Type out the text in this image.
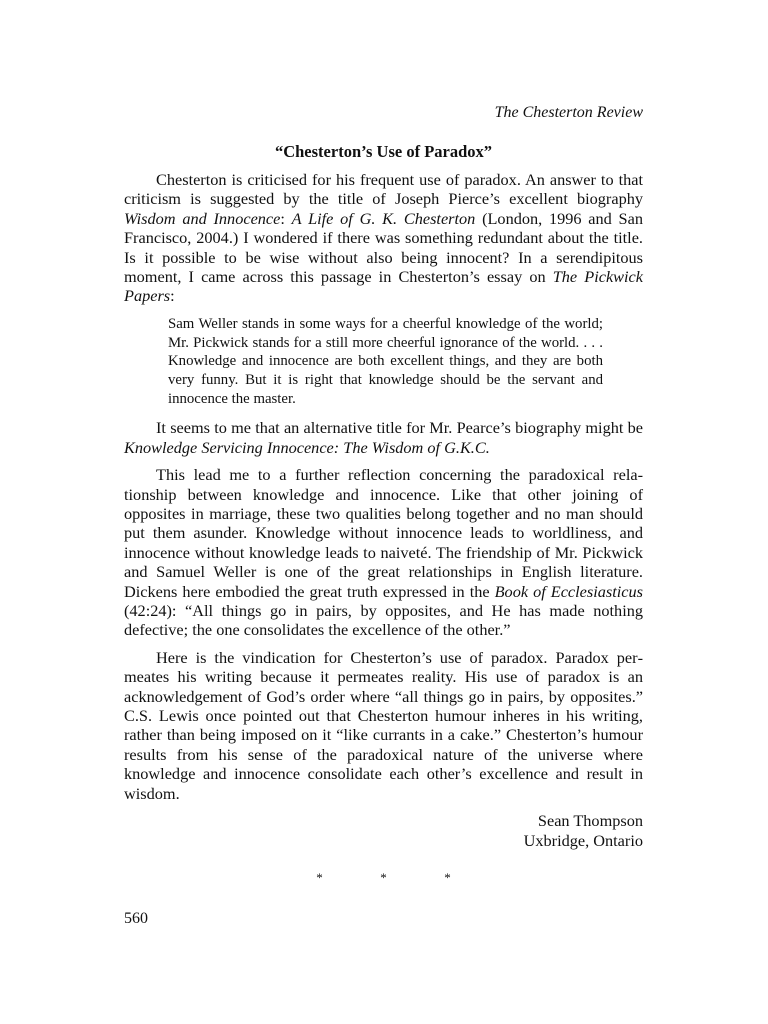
The Chesterton Review
“Chesterton’s Use of Paradox”

Chesterton is criticised for his frequent use of paradox. An answer to that criticism is suggested by the title of Joseph Pierce’s excellent biography Wisdom and Innocence: A Life of G. K. Chesterton (London, 1996 and San Francisco, 2004.) I wondered if there was something redundant about the title. Is it possible to be wise without also being innocent? In a serendipitous moment, I came across this passage in Chesterton’s essay on The Pickwick Papers:

Sam Weller stands in some ways for a cheerful knowledge of the world; Mr. Pickwick stands for a still more cheerful ignorance of the world. . . . Knowledge and innocence are both excellent things, and they are both very funny. But it is right that knowledge should be the servant and innocence the master.

It seems to me that an alternative title for Mr. Pearce’s biography might be Knowledge Servicing Innocence: The Wisdom of G.K.C.

This lead me to a further reflection concerning the paradoxical relationship between knowledge and innocence. Like that other joining of opposites in marriage, these two qualities belong together and no man should put them asunder. Knowledge without innocence leads to worldliness, and innocence without knowledge leads to naiveté. The friendship of Mr. Pickwick and Samuel Weller is one of the great relationships in English literature. Dickens here embodied the great truth expressed in the Book of Ecclesiasticus (42:24): “All things go in pairs, by opposites, and He has made nothing defective; the one consolidates the excellence of the other.”

Here is the vindication for Chesterton’s use of paradox. Paradox permeates his writing because it permeates reality. His use of paradox is an acknowledgement of God’s order where “all things go in pairs, by opposites.” C.S. Lewis once pointed out that Chesterton humour inheres in his writing, rather than being imposed on it “like currants in a cake.” Chesterton’s humour results from his sense of the paradoxical nature of the universe where knowledge and innocence consolidate each other’s excellence and result in wisdom.

Sean Thompson
Uxbridge, Ontario
*	*	*
560
